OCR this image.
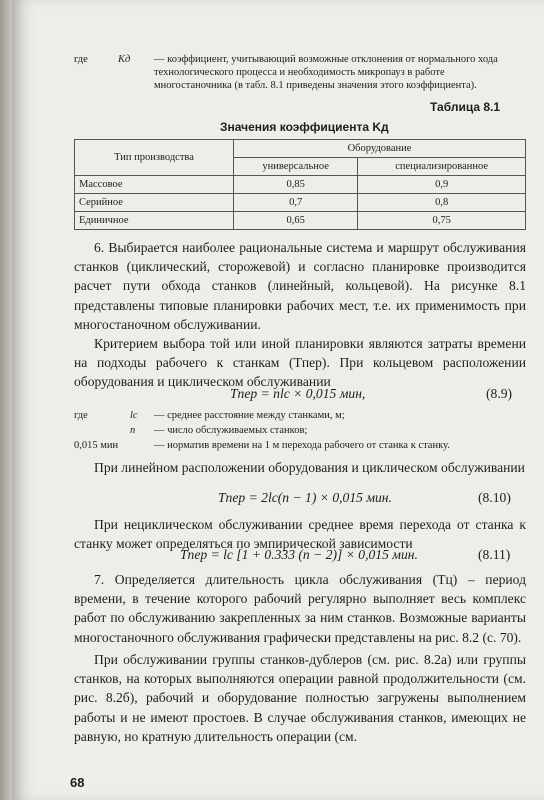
где	Kд — коэффициент, учитывающий возможные отклонения от нормального хода технологического процесса и необходимость микропауз в работе многостаночника (в табл. 8.1 приведены значения этого коэффициента).
Таблица 8.1
Значения коэффициента Kд
Тип производства	Оборудование	
	универсальное	специализированное
Массовое	0,85	0,9
Серийное	0,7	0,8
Единичное	0,65	0,75
6. Выбирается наиболее рациональные система и маршрут обслуживания станков (циклический, сторожевой) и согласно планировке производится расчет пути обхода станков (линейный, кольцевой). На рисунке 8.1 представлены типовые планировки рабочих мест, т.е. их применимость при многостаночном обслуживании.
Критерием выбора той или иной планировки являются затраты времени на подходы рабочего к станкам (Tпер). При кольцевом расположении оборудования и циклическом обслуживании
Tпер = nlс × 0,015 мин,	(8.9)
где	lс — среднее расстояние между станками, м;
n — число обслуживаемых станков;
0,015 мин	— норматив времени на 1 м перехода рабочего от станка к станку.
При линейном расположении оборудования и циклическом обслуживании
Tпер = 2lс(n − 1) × 0,015 мин.	(8.10)
При нециклическом обслуживании среднее время перехода от станка к станку может определяться по эмпирической зависимости
Tпер = lс [1 + 0.333 (n − 2)] × 0,015 мин.	(8.11)
7. Определяется длительность цикла обслуживания (Tц) – период времени, в течение которого рабочий регулярно выполняет весь комплекс работ по обслуживанию закрепленных за ним станков. Возможные варианты многостаночного обслуживания графически представлены на рис. 8.2 (с. 70).
При обслуживании группы станков-дублеров (см. рис. 8.2а) или группы станков, на которых выполняются операции равной продолжительности (см. рис. 8.2б), рабочий и оборудование полностью загружены выполнением работы и не имеют простоев. В случае обслуживания станков, имеющих не равную, но кратную длительность операции (см.
68
